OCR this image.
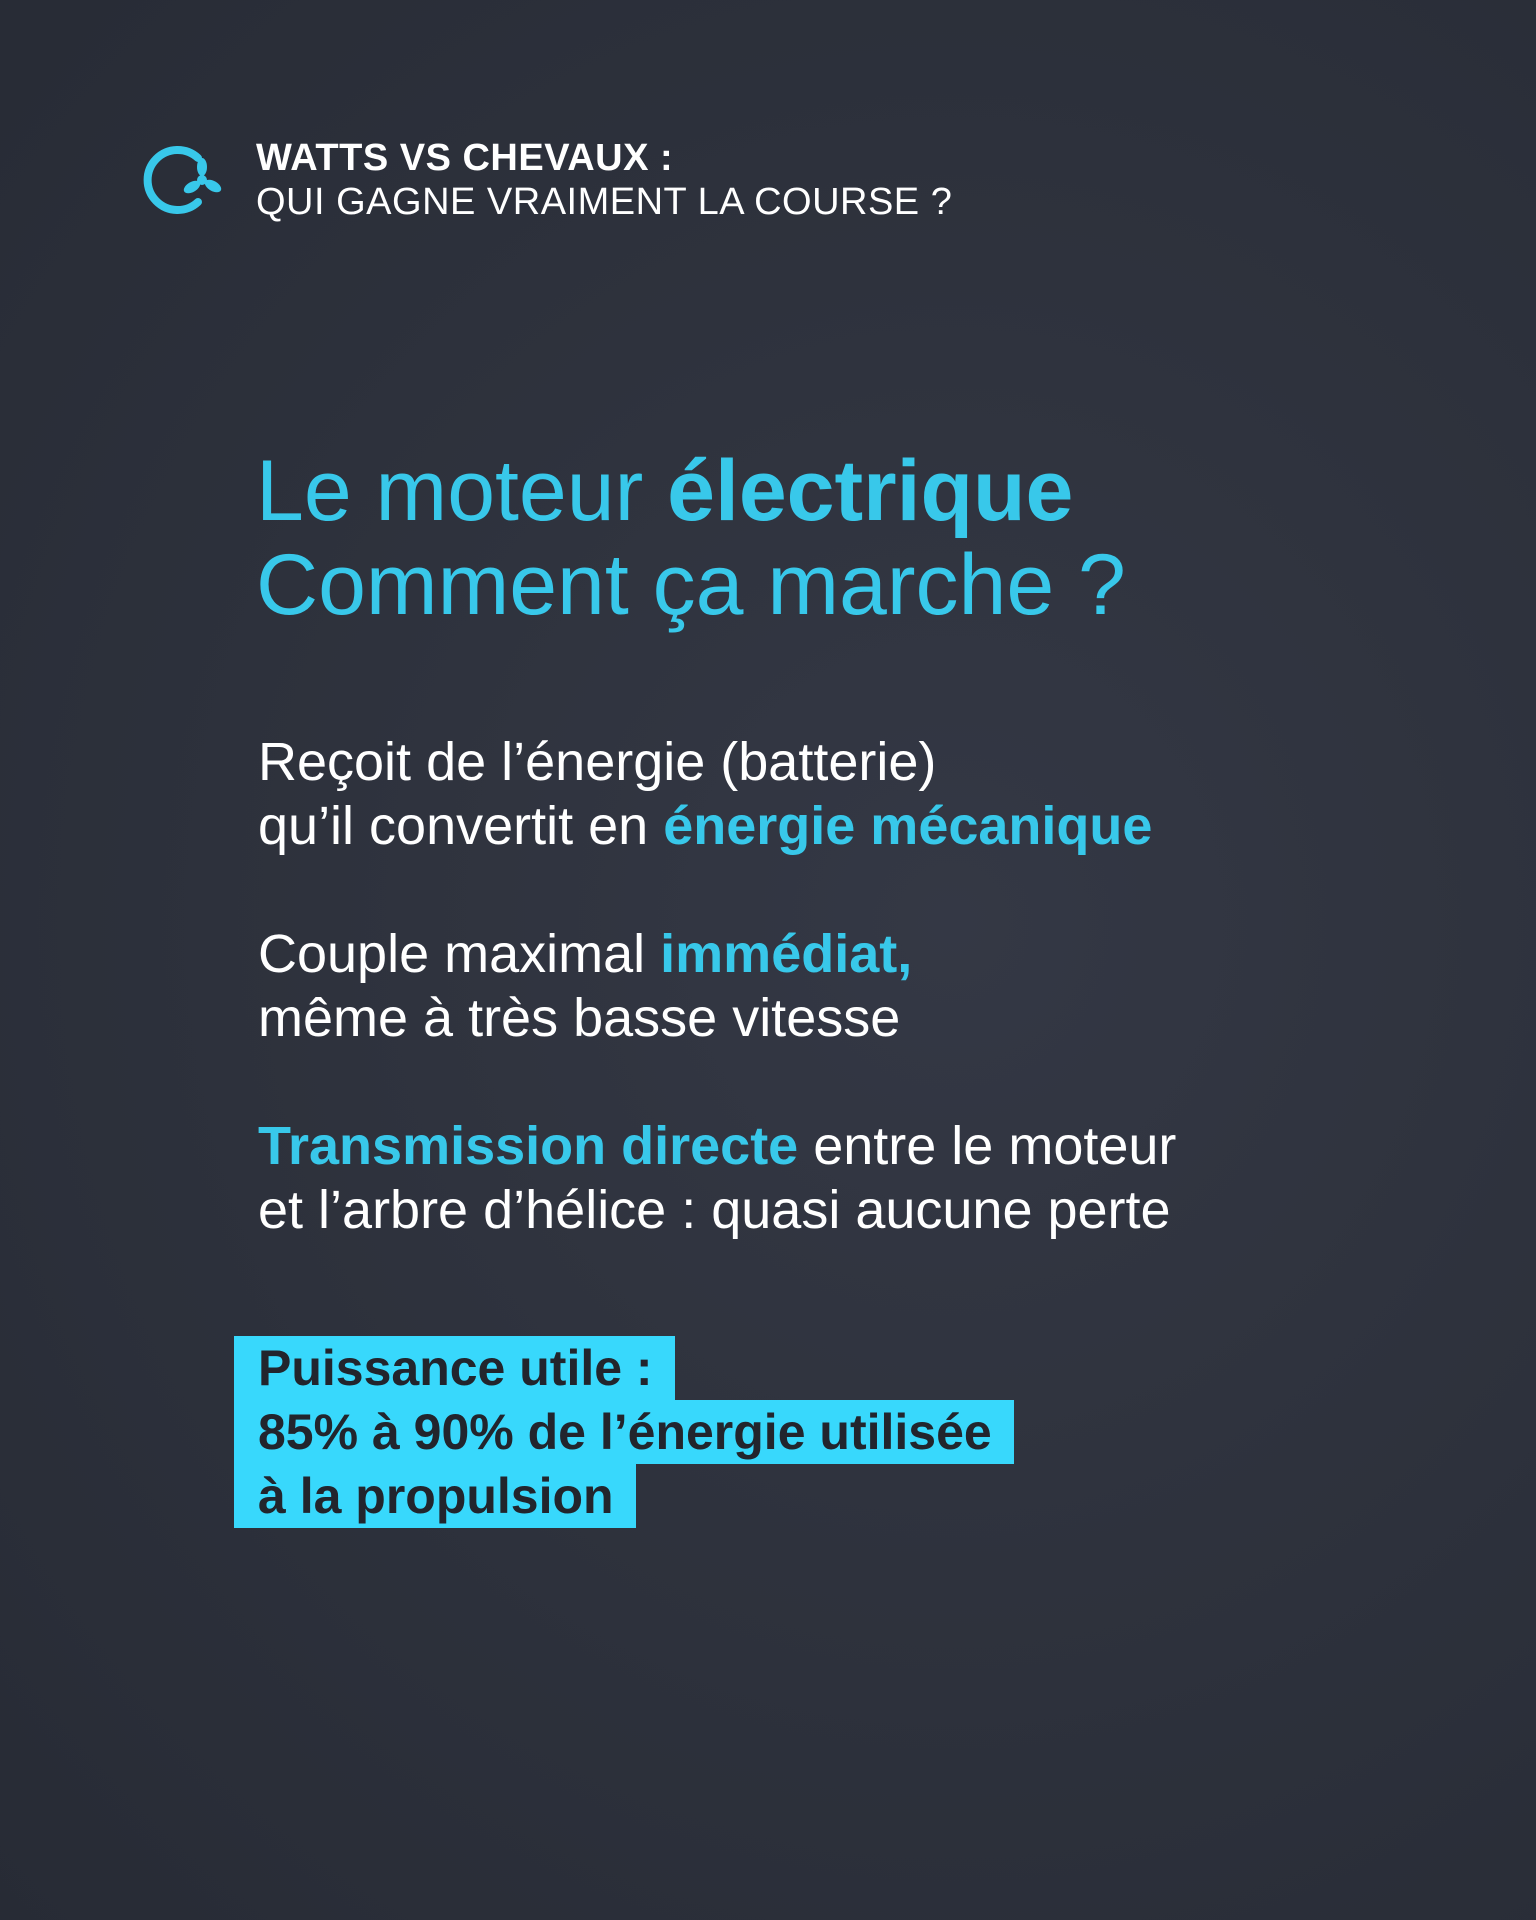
WATTS VS CHEVAUX :
QUI GAGNE VRAIMENT LA COURSE ?
Le moteur électrique
Comment ça marche ?
Reçoit de l’énergie (batterie)
qu’il convertit en énergie mécanique
Couple maximal immédiat,
même à très basse vitesse
Transmission directe entre le moteur
et l’arbre d’hélice : quasi aucune perte
Puissance utile :
85% à 90% de l’énergie utilisée
à la propulsion
